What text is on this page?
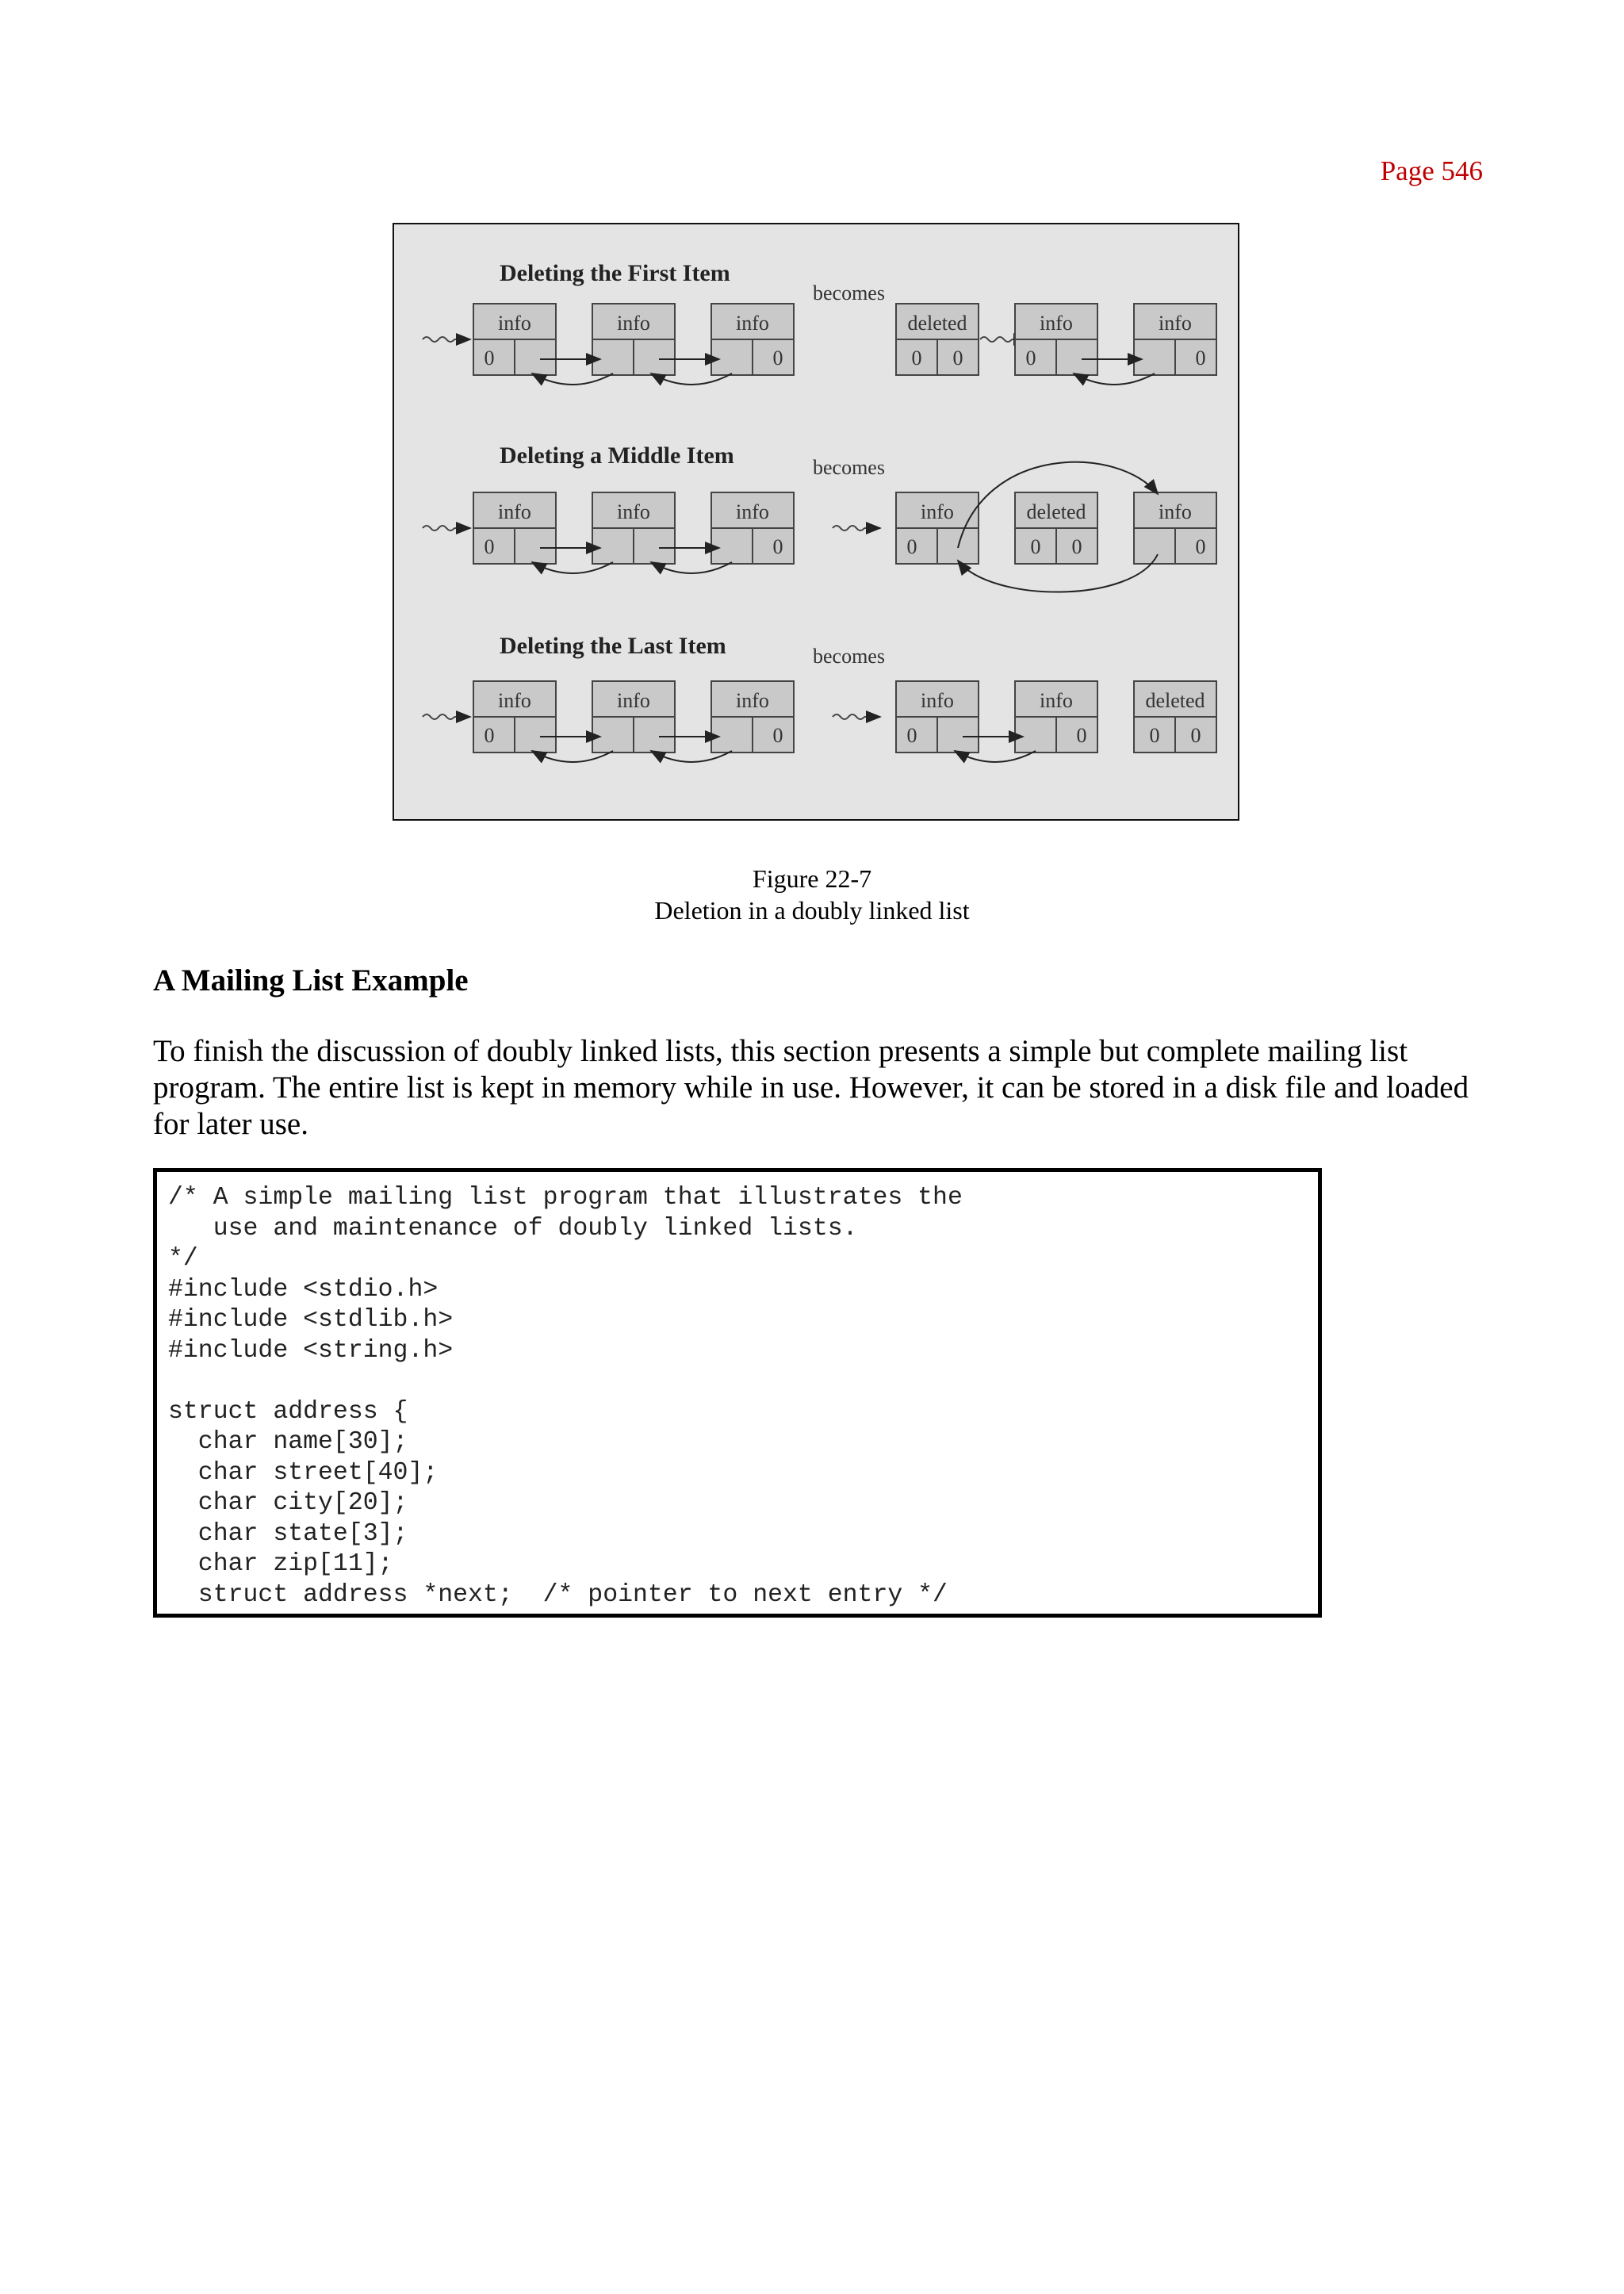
Page 546
Deleting the First Item
becomes
info
0
info	info
0
Deleting a Middle Item	becomes
info
0
info	info
0
Deleting the Last Item	becomes
info
0
info	info
0
deleted
0 0
info	info
0	0
info	deleted	info
0	0 0	0
info	info	deleted
0	0	0 0
Figure 22-7
Deletion in a doubly linked list
A Mailing List Example
To finish the discussion of doubly linked lists, this section presents a simple but complete mailing list program. The entire list is kept in memory while in use. However, it can be stored in a disk file and loaded for later use.
/* A simple mailing list program that illustrates the
use and maintenance of doubly linked lists.
*/
#include <stdio.h>
#include <stdlib.h>
#include <string.h>

struct address {
char name[30];
char street[40];
char city[20];
char state[3];
char zip[11];
struct address *next;  /* pointer to next entry */
